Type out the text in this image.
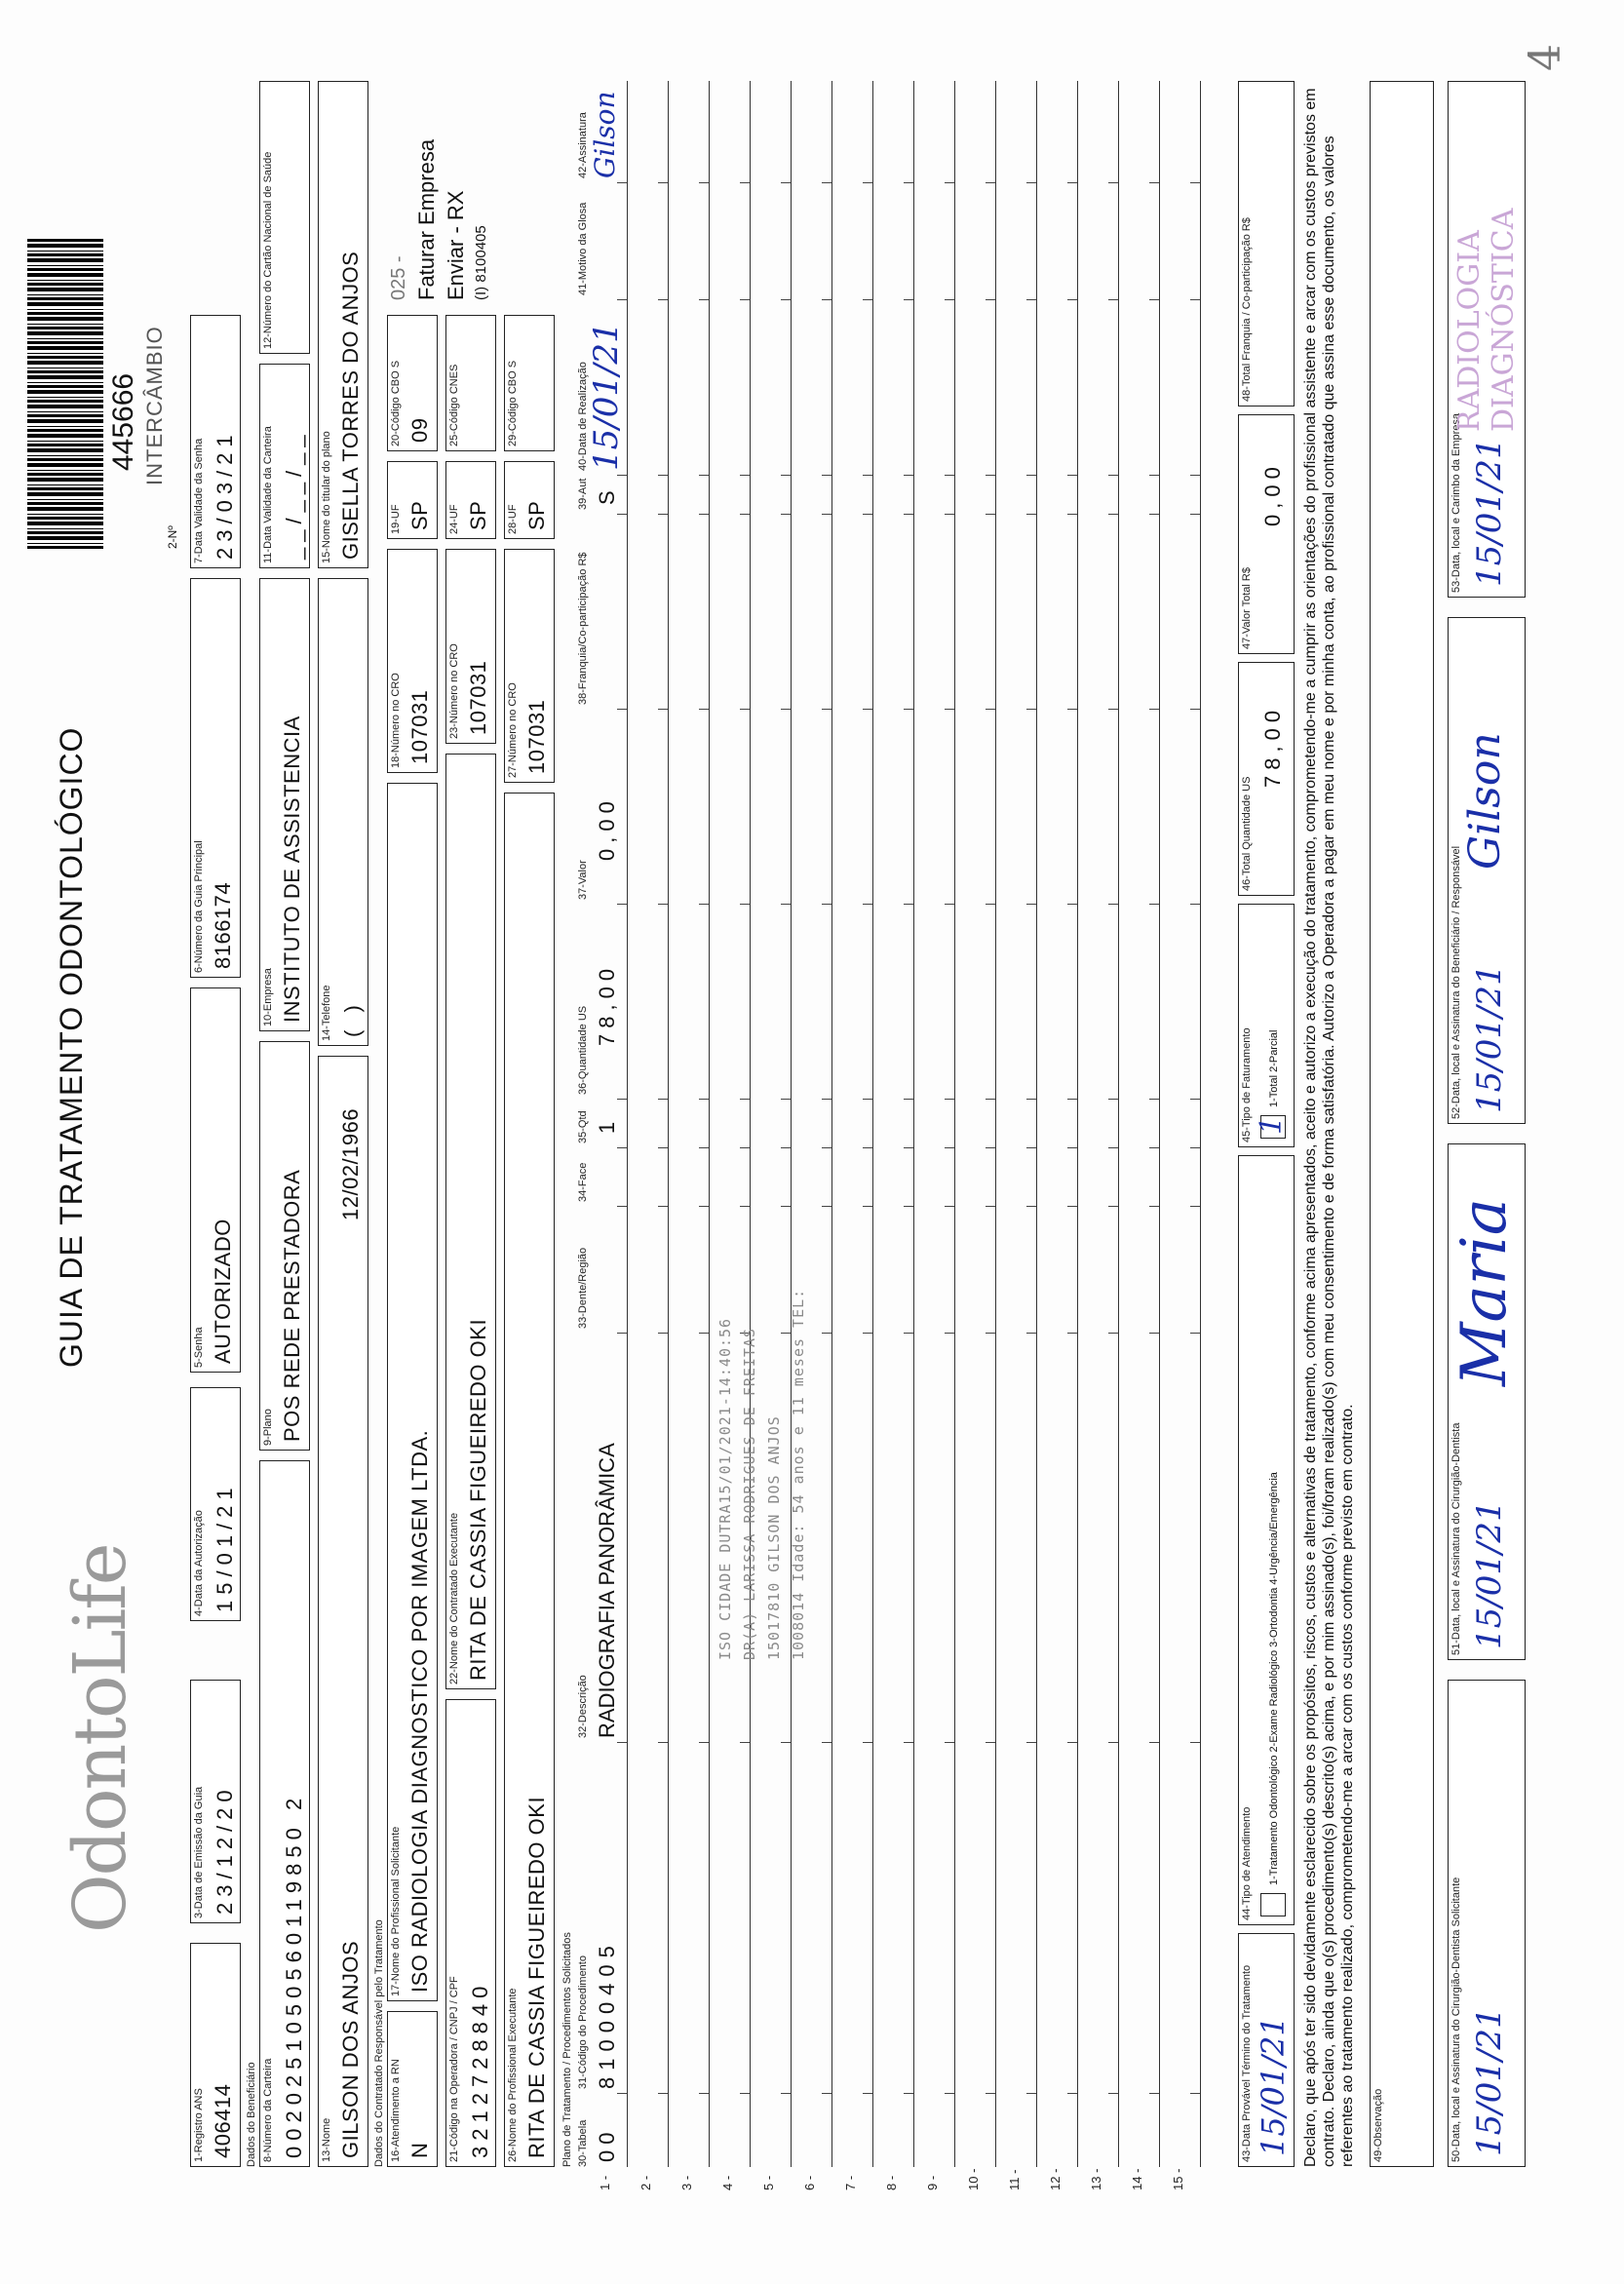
OdontoLife
GUIA DE TRATAMENTO ODONTOLÓGICO
445666 INTERCÂMBIO
2-Nº
1-Registro ANS 406414
3-Data de Emissão da Guia 23/12/20
4-Data da Autorização 15/01/21
5-Senha AUTORIZADO
6-Número da Guia Principal 8166174
7-Data Validade da Senha 23/03/21
Dados do Beneficiário 8-Número da Carteira 0020251050560119850 2
9-Plano POS REDE PRESTADORA
10-Empresa INSTITUTO DE ASSISTENCIA
11-Data Validade da Carteira __/__/__
12-Número do Cartão Nacional de Saúde
13-Nome GILSON DOS ANJOS
12/02/1966
14-Telefone ( )
15-Nome do titular do plano GISELLA TORRES DO ANJOS
Dados do Contratado Responsável pelo Tratamento 16-Atendimento a RN N
17-Nome do Profissional Solicitante ISO RADIOLOGIA DIAGNOSTICO POR IMAGEM LTDA.
18-Número no CRO 107031
19-UF SP
20-Código CBO S 09
21-Código na Operadora / CNPJ / CPF 3212728840
22-Nome do Contratado Executante RITA DE CASSIA FIGUEIREDO OKI
23-Número no CRO 107031
24-UF SP
25-Código CNES
26-Nome do Profissional Executante RITA DE CASSIA FIGUEIREDO OKI
27-Número no CRO 107031
28-UF SP
29-Código CBO S
025 - Faturar Empresa Enviar - RX (I) 8100405
Plano de Tratamento / Procedimentos Solicitados 30-Tabela
31-Código do Procedimento
32-Descrição
33-Dente/Região
34-Face
35-Qtd
36-Quantidade US
37-Valor
38-Franquia/Co-participação R$
39-Aut
40-Data de Realização
41-Motivo da Glosa
42-Assinatura
1 - 2 - 3 - 4 - 5 - 6 - 7 - 8 - 9 - 10 - 11 - 12 - 13 - 14 - 15 -
00
81000405
RADIOGRAFIA PANORÂMICA
1
78,00
0,00
S
15/01/21
Gilson
ISO CIDADE DUTRA15/01/2021-14:40:56 DR(A) LARISSA RODRIGUES DE FREITAS 15017810 GILSON DOS ANJOS 1008014 Idade: 54 anos e 11 meses TEL:
43-Data Provável Término do Tratamento 15/01/21
44-Tipo de Atendimento 1-Tratamento Odontológico 2-Exame Radiológico 3-Ortodontia 4-Urgência/Emergência
45-Tipo de Faturamento 1
1-Total 2-Parcial
46-Total Quantidade US
78,00
47-Valor Total R$
0,00
48-Total Franquia / Co-participação R$	Declaro, que após ter sido devidamente esclarecido sobre os propósitos, riscos, custos e alternativas de tratamento, conforme acima apresentados, aceito e autorizo a execução do tratamento, comprometendo-me a cumprir as orientações do profissional assistente e arcar com os custos previstos em contrato. Declaro, ainda que o(s) procedimento(s) descrito(s) acima, e por mim assinado(s), foi/foram realizado(s) com meu consentimento e de forma satisfatória. Autorizo a Operadora a pagar em meu nome e por minha conta, ao profissional contratado que assina esse documento, os valores referentes ao tratamento realizado, comprometendo-me a arcar com os custos conforme previsto em contrato. 49-Observação	50-Data, local e Assinatura do Cirurgião-Dentista Solicitante 15/01/21
51-Data, local e Assinatura do Cirurgião-Dentista 15/01/21
Maria
52-Data, local e Assinatura do Beneficiário / Responsável 15/01/21
Gilson
53-Data, local e Carimbo da Empresa 15/01/21
RADIOLOGIA DIAGNÓSTICA
4
